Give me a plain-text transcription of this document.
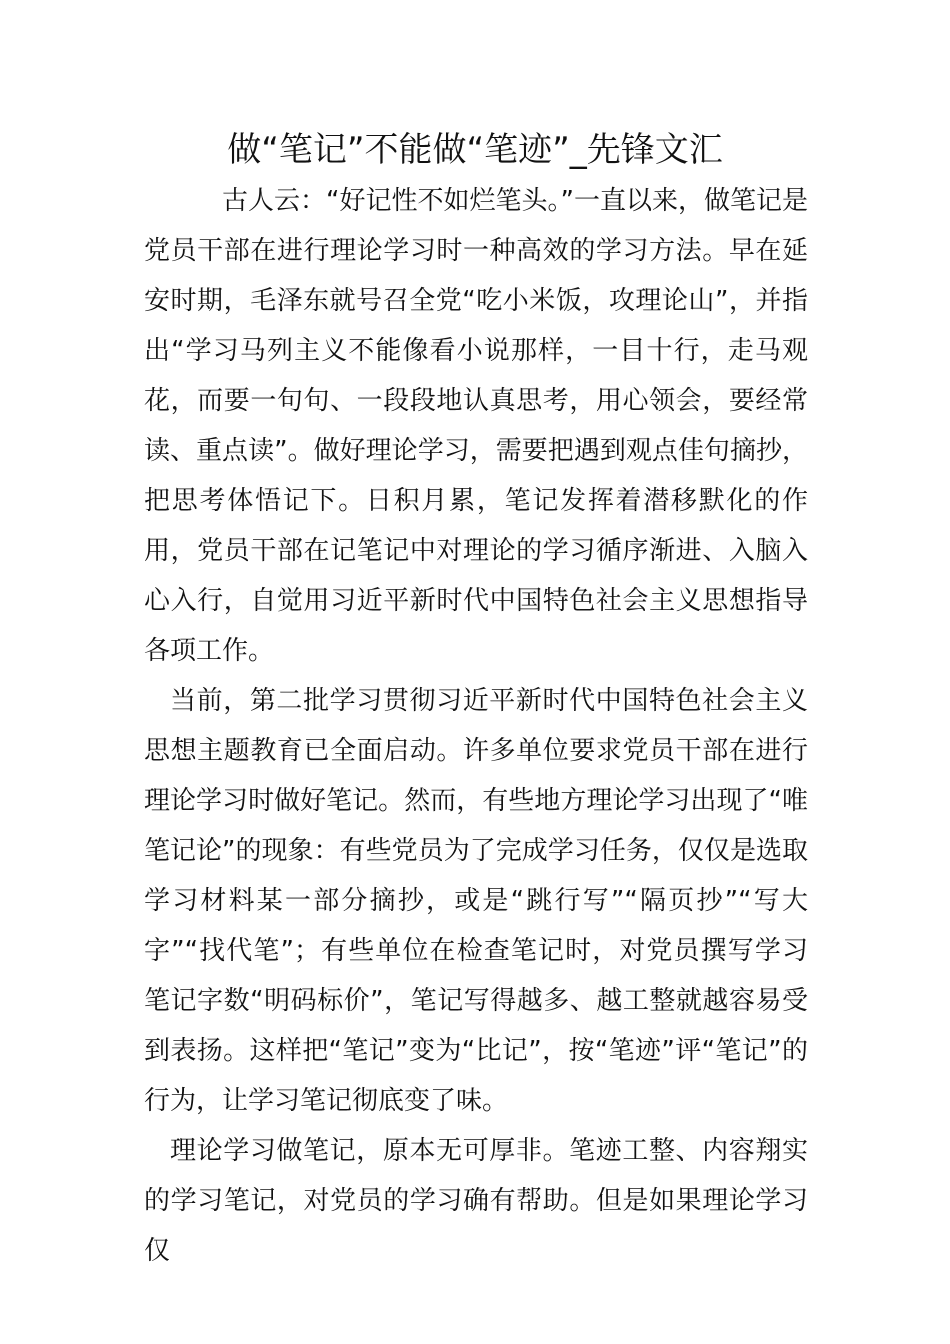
做“笔记”不能做“笔迹”_先锋文汇

古人云：“好记性不如烂笔头。”一直以来，做笔记是党员干部在进行理论学习时一种高效的学习方法。早在延安时期，毛泽东就号召全党“吃小米饭，攻理论山”，并指出“学习马列主义不能像看小说那样，一目十行，走马观花，而要一句句、一段段地认真思考，用心领会，要经常读、重点读”。做好理论学习，需要把遇到观点佳句摘抄，把思考体悟记下。日积月累，笔记发挥着潜移默化的作用，党员干部在记笔记中对理论的学习循序渐进、入脑入心入行，自觉用习近平新时代中国特色社会主义思想指导各项工作。

当前，第二批学习贯彻习近平新时代中国特色社会主义思想主题教育已全面启动。许多单位要求党员干部在进行理论学习时做好笔记。然而，有些地方理论学习出现了“唯笔记论”的现象：有些党员为了完成学习任务，仅仅是选取学习材料某一部分摘抄，或是“跳行写”“隔页抄”“写大字”“找代笔”；有些单位在检查笔记时，对党员撰写学习笔记字数“明码标价”，笔记写得越多、越工整就越容易受到表扬。这样把“笔记”变为“比记”，按“笔迹”评“笔记”的行为，让学习笔记彻底变了味。

理论学习做笔记，原本无可厚非。笔迹工整、内容翔实的学习笔记，对党员的学习确有帮助。但是如果理论学习仅
